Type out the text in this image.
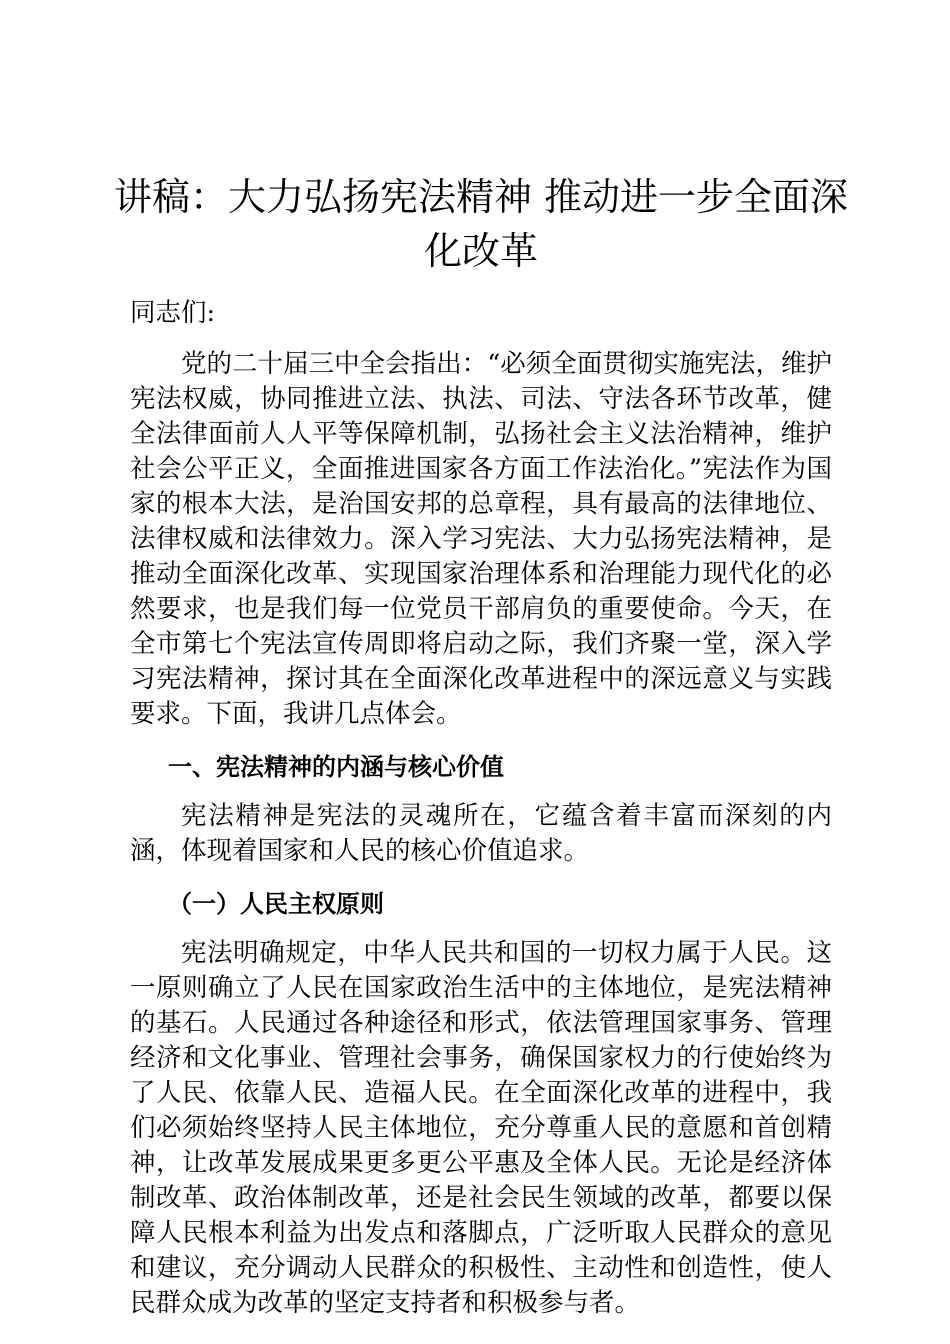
讲稿：大力弘扬宪法精神 推动进一步全面深化改革

同志们:

党的二十届三中全会指出：“必须全面贯彻实施宪法，维护宪法权威，协同推进立法、执法、司法、守法各环节改革，健全法律面前人人平等保障机制，弘扬社会主义法治精神，维护社会公平正义，全面推进国家各方面工作法治化。”宪法作为国家的根本大法，是治国安邦的总章程，具有最高的法律地位、法律权威和法律效力。深入学习宪法、大力弘扬宪法精神，是推动全面深化改革、实现国家治理体系和治理能力现代化的必然要求，也是我们每一位党员干部肩负的重要使命。今天，在全市第七个宪法宣传周即将启动之际，我们齐聚一堂，深入学习宪法精神，探讨其在全面深化改革进程中的深远意义与实践要求。下面，我讲几点体会。

一、宪法精神的内涵与核心价值

宪法精神是宪法的灵魂所在，它蕴含着丰富而深刻的内涵，体现着国家和人民的核心价值追求。

（一）人民主权原则

宪法明确规定，中华人民共和国的一切权力属于人民。这一原则确立了人民在国家政治生活中的主体地位，是宪法精神的基石。人民通过各种途径和形式，依法管理国家事务、管理经济和文化事业、管理社会事务，确保国家权力的行使始终为了人民、依靠人民、造福人民。在全面深化改革的进程中，我们必须始终坚持人民主体地位，充分尊重人民的意愿和首创精神，让改革发展成果更多更公平惠及全体人民。无论是经济体制改革、政治体制改革，还是社会民生领域的改革，都要以保障人民根本利益为出发点和落脚点，广泛听取人民群众的意见和建议，充分调动人民群众的积极性、主动性和创造性，使人民群众成为改革的坚定支持者和积极参与者。
